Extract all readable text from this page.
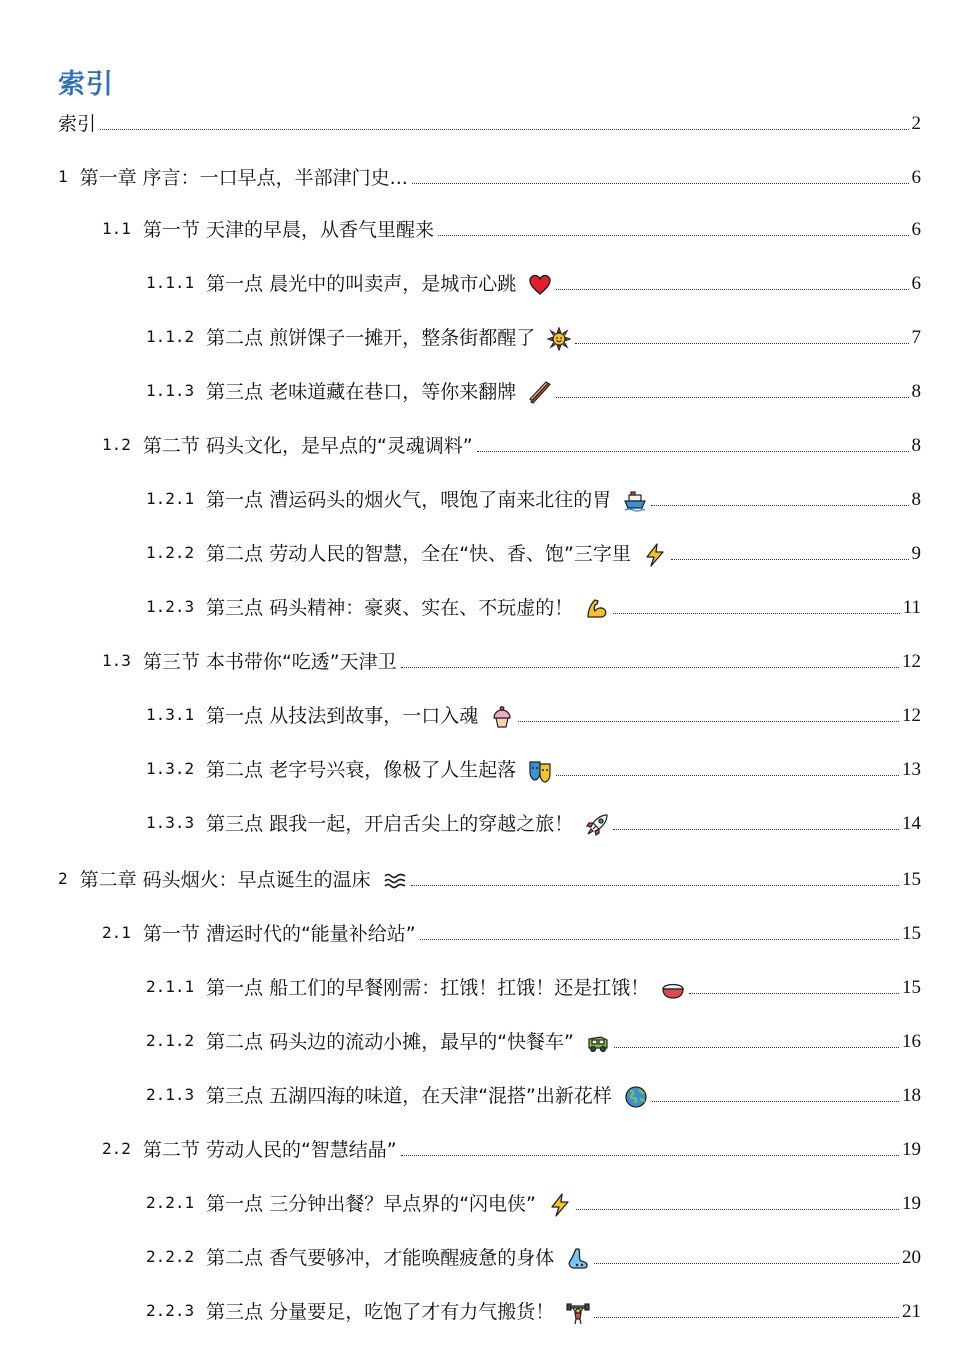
索引
索引	2
1 第一章 序言：一口早点，半部津门史...	6
1.1 第一节 天津的早晨，从香气里醒来	6
1.1.1 第一点 晨光中的叫卖声，是城市心跳	6
1.1.2 第二点 煎饼馃子一摊开，整条街都醒了	7
1.1.3 第三点 老味道藏在巷口，等你来翻牌	8
1.2 第二节 码头文化，是早点的“灵魂调料”	8
1.2.1 第一点 漕运码头的烟火气，喂饱了南来北往的胃	8
1.2.2 第二点 劳动人民的智慧，全在“快、香、饱”三字里	9
1.2.3 第三点 码头精神：豪爽、实在、不玩虚的！	11
1.3 第三节 本书带你“吃透”天津卫	12
1.3.1 第一点 从技法到故事，一口入魂	12
1.3.2 第二点 老字号兴衰，像极了人生起落	13
1.3.3 第三点 跟我一起，开启舌尖上的穿越之旅！	14
2 第二章 码头烟火：早点诞生的温床	15
2.1 第一节 漕运时代的“能量补给站”	15
2.1.1 第一点 船工们的早餐刚需：扛饿！扛饿！还是扛饿！	15
2.1.2 第二点 码头边的流动小摊，最早的“快餐车”	16
2.1.3 第三点 五湖四海的味道，在天津“混搭”出新花样	18
2.2 第二节 劳动人民的“智慧结晶”	19
2.2.1 第一点 三分钟出餐？早点界的“闪电侠”	19
2.2.2 第二点 香气要够冲，才能唤醒疲惫的身体	20
2.2.3 第三点 分量要足，吃饱了才有力气搬货！	21
